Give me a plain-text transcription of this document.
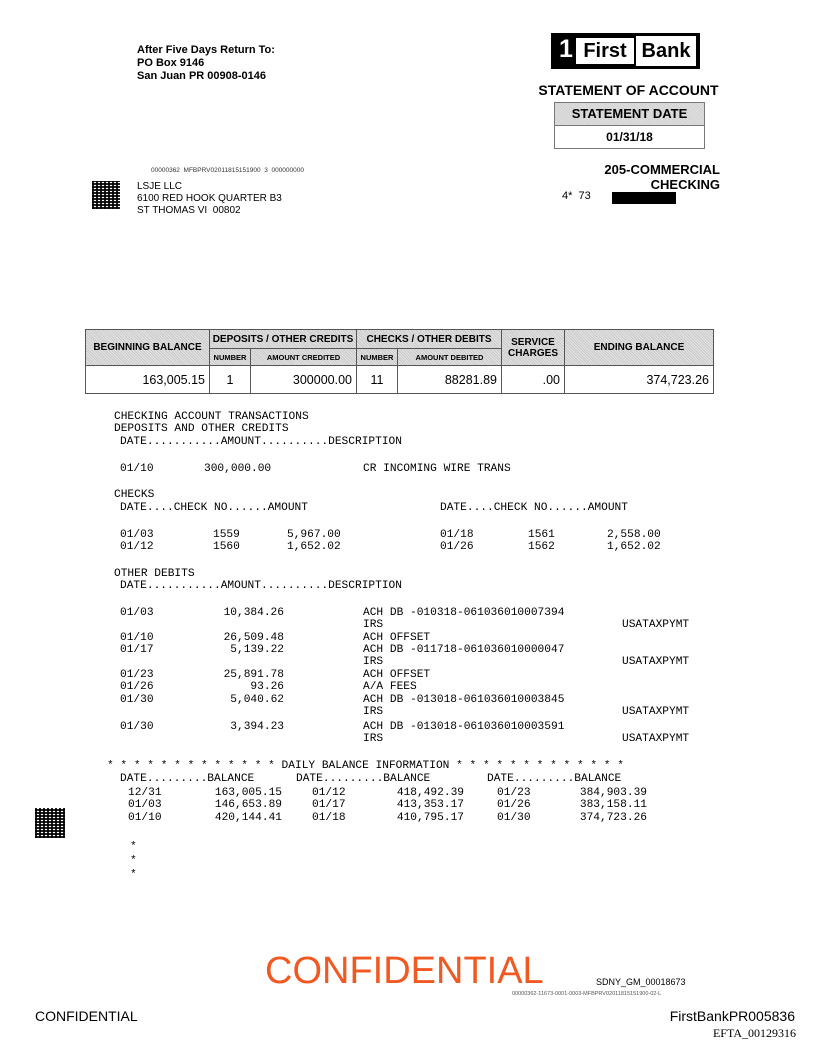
After Five Days Return To:
PO Box 9146
San Juan PR 00908-0146
1 First Bank
STATEMENT OF ACCOUNT
STATEMENT DATE
01/31/18
205-COMMERCIAL CHECKING
4*  73
00000362  MFBPRV02011815151900  3  000000000
LSJE LLC
6100 RED HOOK QUARTER B3
ST THOMAS VI  00802
BEGINNING BALANCE	DEPOSITS / OTHER CREDITS		CHECKS / OTHER DEBITS		SERVICE CHARGES	ENDING BALANCE
	NUMBER	AMOUNT CREDITED	NUMBER	AMOUNT DEBITED		
163,005.15	1	300000.00	11	88281.89	.00	374,723.26
CHECKING ACCOUNT TRANSACTIONS
DEPOSITS AND OTHER CREDITS
DATE...........AMOUNT..........DESCRIPTION
01/10	300,000.00	CR INCOMING WIRE TRANS
CHECKS
DATE....CHECK NO......AMOUNT	DATE....CHECK NO......AMOUNT
01/03	1559	5,967.00	01/18	1561	2,558.00
01/12	1560	1,652.02	01/26	1562	1,652.02
OTHER DEBITS
DATE...........AMOUNT..........DESCRIPTION
01/03	10,384.26	ACH DB -010318-061036010007394
IRS	USATAXPYMT
01/10	26,509.48	ACH OFFSET
01/17	5,139.22	ACH DB -011718-061036010000047
IRS	USATAXPYMT
01/23	25,891.78	ACH OFFSET
01/26	93.26	A/A FEES
01/30	5,040.62	ACH DB -013018-061036010003845
IRS	USATAXPYMT
01/30	3,394.23	ACH DB -013018-061036010003591
IRS	USATAXPYMT
* * * * * * * * * * * * * DAILY BALANCE INFORMATION * * * * * * * * * * * * *
DATE.........BALANCE	DATE.........BALANCE	DATE.........BALANCE
12/31	163,005.15	01/12	418,492.39	01/23	384,903.39
01/03	146,653.89	01/17	413,353.17	01/26	383,158.11
01/10	420,144.41	01/18	410,795.17	01/30	374,723.26
*
*
*
CONFIDENTIAL	SDNY_GM_00018673
00000362-11673-0001-0003-MFBPRV02011815151900-02-L
CONFIDENTIAL	FirstBankPR005836
EFTA_00129316
